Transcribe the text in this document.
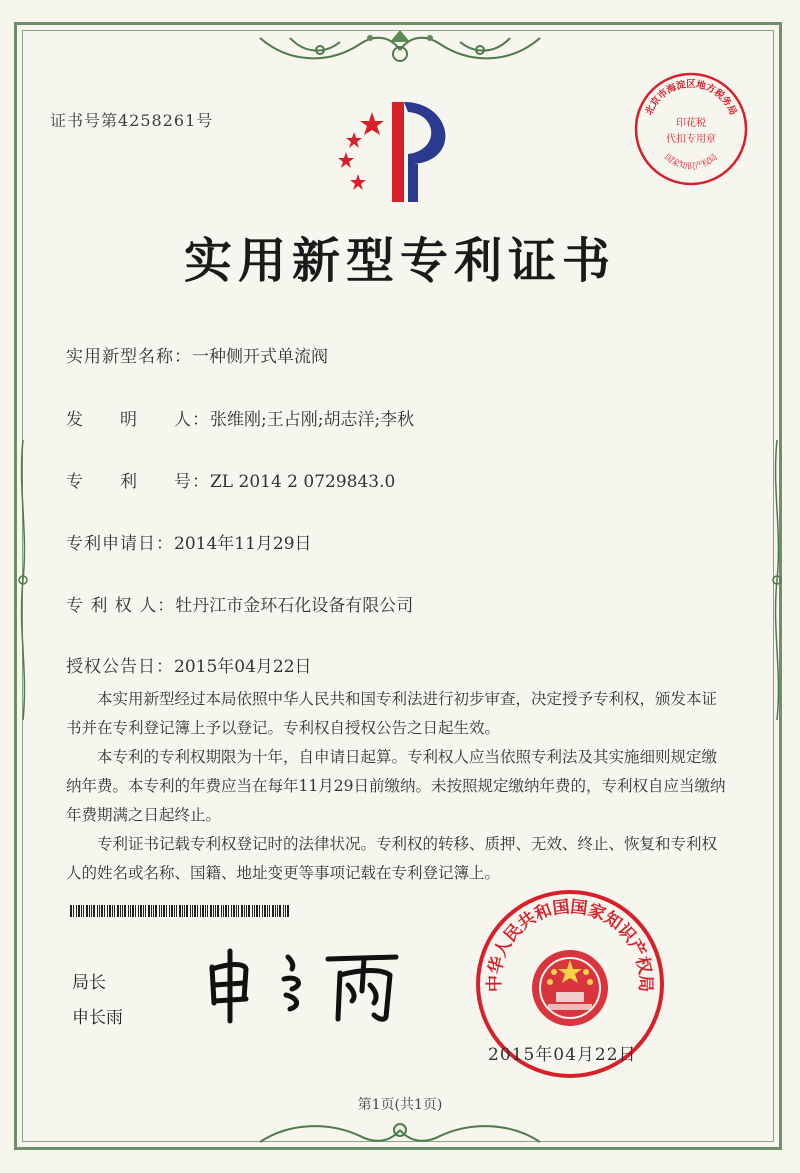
证书号第4258261号
实用新型专利证书
实用新型名称：一种侧开式单流阀
发　　明　　人：张维刚;王占刚;胡志洋;李秋
专　　利　　号：ZL 2014 2 0729843.0
专利申请日：2014年11月29日
专 利 权 人：牡丹江市金环石化设备有限公司
授权公告日：2015年04月22日

本实用新型经过本局依照中华人民共和国专利法进行初步审查，决定授予专利权，颁发本证书并在专利登记簿上予以登记。专利权自授权公告之日起生效。

本专利的专利权期限为十年，自申请日起算。专利权人应当依照专利法及其实施细则规定缴纳年费。本专利的年费应当在每年11月29日前缴纳。未按照规定缴纳年费的，专利权自应当缴纳年费期满之日起终止。

专利证书记载专利权登记时的法律状况。专利权的转移、质押、无效、终止、恢复和专利权人的姓名或名称、国籍、地址变更等事项记载在专利登记簿上。

局长
申长雨
北京市海淀区地方税务局
国家知识产权局
印花税
代扣专用章
中华人民共和国国家知识产权局
2015年04月22日
第1页(共1页)
